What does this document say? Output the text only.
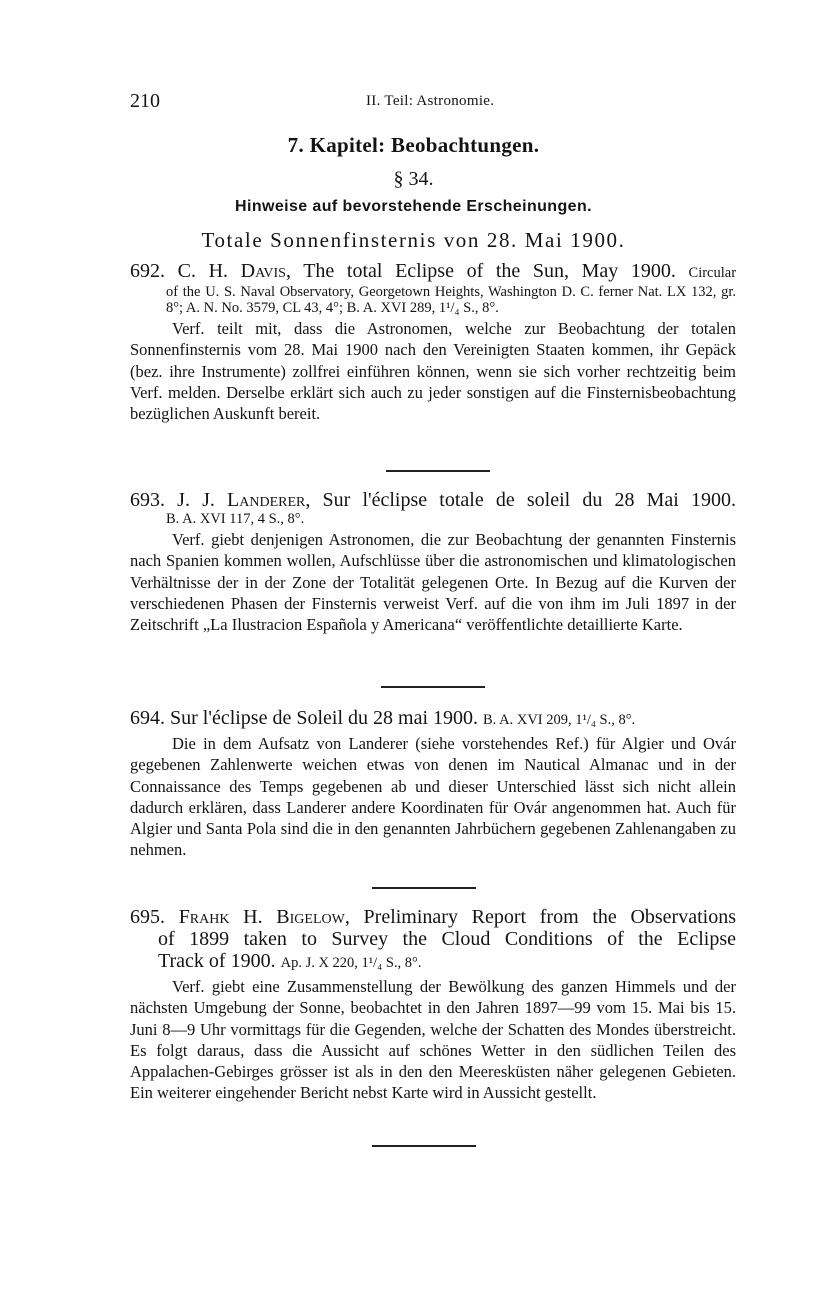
210	II. Teil: Astronomie.
7. Kapitel: Beobachtungen.
§ 34.
Hinweise auf bevorstehende Erscheinungen.
Totale Sonnenfinsternis von 28. Mai 1900.
692. C. H. Davis, The total Eclipse of the Sun, May 1900. Circular
of the U. S. Naval Observatory, Georgetown Heights, Washington D. C. ferner Nat. LX 132, gr. 8°; A. N. No. 3579, CL 43, 4°; B. A. XVI 289, 1¹/₄ S., 8°.
Verf. teilt mit, dass die Astronomen, welche zur Beobachtung der totalen Sonnenfinsternis vom 28. Mai 1900 nach den Vereinigten Staaten kommen, ihr Gepäck (bez. ihre Instrumente) zollfrei einführen können, wenn sie sich vorher rechtzeitig beim Verf. melden. Derselbe erklärt sich auch zu jeder sonstigen auf die Finsternisbeobachtung bezüglichen Auskunft bereit.
693. J. J. Landerer, Sur l'éclipse totale de soleil du 28 Mai 1900.
B. A. XVI 117, 4 S., 8°.
Verf. giebt denjenigen Astronomen, die zur Beobachtung der genannten Finsternis nach Spanien kommen wollen, Aufschlüsse über die astronomischen und klimatologischen Verhältnisse der in der Zone der Totalität gelegenen Orte. In Bezug auf die Kurven der verschiedenen Phasen der Finsternis verweist Verf. auf die von ihm im Juli 1897 in der Zeitschrift „La Ilustracion Española y Americana“ veröffentlichte detaillierte Karte.
694. Sur l'éclipse de Soleil du 28 mai 1900. B. A. XVI 209, 1¹/₄ S., 8°.
Die in dem Aufsatz von Landerer (siehe vorstehendes Ref.) für Algier und Ovár gegebenen Zahlenwerte weichen etwas von denen im Nautical Almanac und in der Connaissance des Temps gegebenen ab und dieser Unterschied lässt sich nicht allein dadurch erklären, dass Landerer andere Koordinaten für Ovár angenommen hat. Auch für Algier und Santa Pola sind die in den genannten Jahrbüchern gegebenen Zahlenangaben zu nehmen.
695. Frahk H. Bigelow, Preliminary Report from the Observations
of 1899 taken to Survey the Cloud Conditions of the Eclipse
Track of 1900. Ap. J. X 220, 1¹/₄ S., 8°.
Verf. giebt eine Zusammenstellung der Bewölkung des ganzen Himmels und der nächsten Umgebung der Sonne, beobachtet in den Jahren 1897—99 vom 15. Mai bis 15. Juni 8—9 Uhr vormittags für die Gegenden, welche der Schatten des Mondes überstreicht. Es folgt daraus, dass die Aussicht auf schönes Wetter in den südlichen Teilen des Appalachen-Gebirges grösser ist als in den den Meeresküsten näher gelegenen Gebieten. Ein weiterer eingehender Bericht nebst Karte wird in Aussicht gestellt.
